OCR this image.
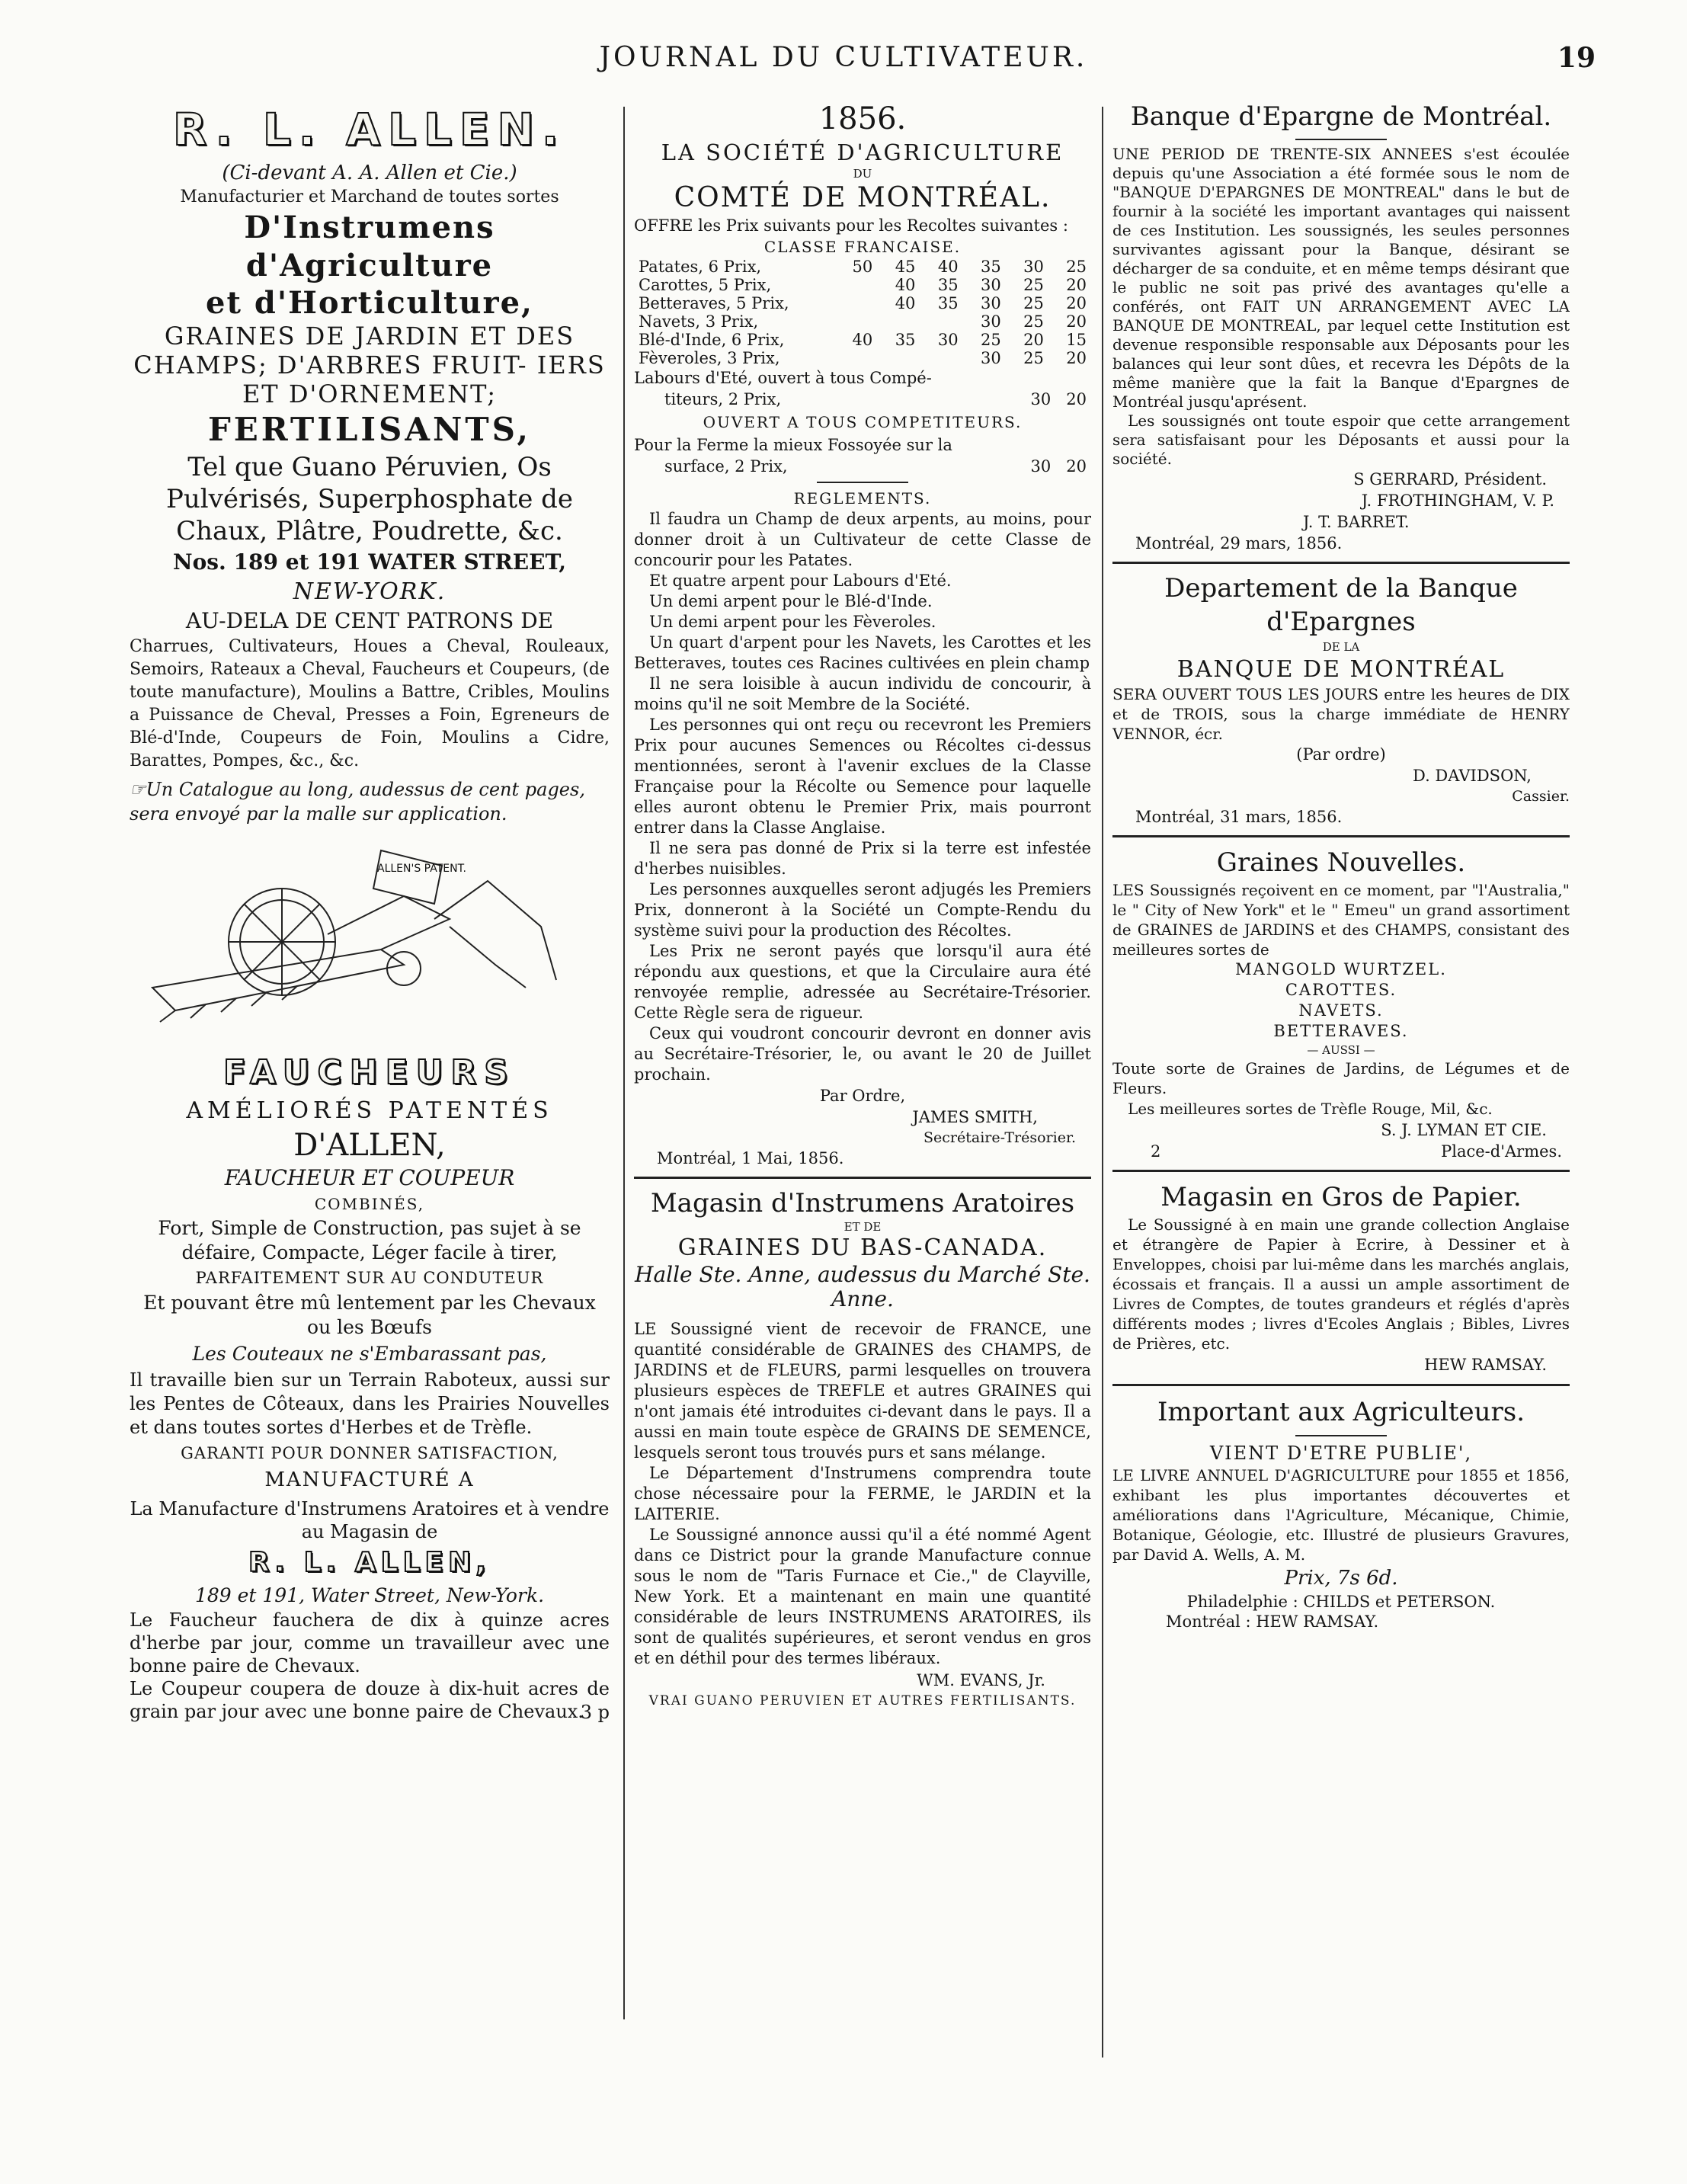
JOURNAL DU CULTIVATEUR.	19
R. L. ALLEN.
(Ci-devant A. A. Allen et Cie.)
Manufacturier et Marchand de toutes sortes
D'Instrumens d'Agriculture
et d'Horticulture,
GRAINES DE JARDIN ET DES CHAMPS; D'ARBRES FRUIT- IERS ET D'ORNEMENT;
FERTILISANTS,
Tel que Guano Péruvien, Os Pulvérisés, Superphosphate de Chaux, Plâtre, Poudrette, &c.
Nos. 189 et 191 WATER STREET,
NEW-YORK.
AU-DELA DE CENT PATRONS DE
Charrues, Cultivateurs, Houes a Cheval, Rouleaux, Semoirs, Rateaux a Cheval, Faucheurs et Coupeurs, (de toute manufacture), Moulins a Battre, Cribles, Moulins a Puissance de Cheval, Presses a Foin, Egreneurs de Blé-d'Inde, Coupeurs de Foin, Moulins a Cidre, Barattes, Pompes, &c., &c.
☞Un Catalogue au long, audessus de cent pages, sera envoyé par la malle sur application.
ALLEN'S PATENT.
FAUCHEURS
AMÉLIORÉS PATENTÉS
D'ALLEN,
FAUCHEUR ET COUPEUR
COMBINÉS,
Fort, Simple de Construction, pas sujet à se défaire, Compacte, Léger facile à tirer,
PARFAITEMENT SUR AU CONDUTEUR
Et pouvant être mû lentement par les Chevaux ou les Bœufs
Les Couteaux ne s'Embarassant pas,
Il travaille bien sur un Terrain Raboteux, aussi sur les Pentes de Côteaux, dans les Prairies Nouvelles et dans toutes sortes d'Herbes et de Trèfle.
GARANTI POUR DONNER SATISFACTION,
MANUFACTURÉ A
La Manufacture d'Instrumens Aratoires et à vendre au Magasin de
R. L. ALLEN,
189 et 191, Water Street, New-York.
Le Faucheur fauchera de dix à quinze acres d'herbe par jour, comme un travailleur avec une bonne paire de Chevaux.
Le Coupeur coupera de douze à dix-huit acres de grain par jour avec une bonne paire de Chevaux.
3 p
1856.
LA SOCIÉTÉ D'AGRICULTURE
DU
COMTÉ DE MONTRÉAL.
OFFRE les Prix suivants pour les Recoltes suivantes :
CLASSE FRANCAISE.
Patates, 6 Prix,		50	45	40	35	30	25
Carottes, 5 Prix,			40	35	30	25	20
Betteraves, 5 Prix,			40	35	30	25	20
Navets, 3 Prix,					30	25	20
Blé-d'Inde, 6 Prix,		40	35	30	25	20	15
Fèveroles, 3 Prix,					30	25	20
Labours d'Eté, ouvert à tous Compé-
titeurs, 2 Prix,	30   20
OUVERT A TOUS COMPETITEURS.
Pour la Ferme la mieux Fossoyée sur la
surface, 2 Prix,	30   20
REGLEMENTS.
Il faudra un Champ de deux arpents, au moins, pour donner droit à un Cultivateur de cette Classe de concourir pour les Patates.
Et quatre arpent pour Labours d'Eté.
Un demi arpent pour le Blé-d'Inde.
Un demi arpent pour les Fèveroles.
Un quart d'arpent pour les Navets, les Carottes et les Betteraves, toutes ces Racines cultivées en plein champ
Il ne sera loisible à aucun individu de concourir, à moins qu'il ne soit Membre de la Société.
Les personnes qui ont reçu ou recevront les Premiers Prix pour aucunes Semences ou Récoltes ci-dessus mentionnées, seront à l'avenir exclues de la Classe Française pour la Récolte ou Semence pour laquelle elles auront obtenu le Premier Prix, mais pourront entrer dans la Classe Anglaise.
Il ne sera pas donné de Prix si la terre est infestée d'herbes nuisibles.
Les personnes auxquelles seront adjugés les Premiers Prix, donneront à la Société un Compte-Rendu du système suivi pour la production des Récoltes.
Les Prix ne seront payés que lorsqu'il aura été répondu aux questions, et que la Circulaire aura été renvoyée remplie, adressée au Secrétaire-Trésorier. Cette Règle sera de rigueur.
Ceux qui voudront concourir devront en donner avis au Secrétaire-Trésorier, le, ou avant le 20 de Juillet prochain.
Par Ordre,
JAMES SMITH,
Secrétaire-Trésorier.
Montréal, 1 Mai, 1856.
Magasin d'Instrumens Aratoires
ET DE
GRAINES DU BAS-CANADA.
Halle Ste. Anne, audessus du Marché Ste. Anne.
LE Soussigné vient de recevoir de FRANCE, une quantité considérable de GRAINES des CHAMPS, de JARDINS et de FLEURS, parmi lesquelles on trouvera plusieurs espèces de TREFLE et autres GRAINES qui n'ont jamais été introduites ci-devant dans le pays. Il a aussi en main toute espèce de GRAINS DE SEMENCE, lesquels seront tous trouvés purs et sans mélange.
Le Département d'Instrumens comprendra toute chose nécessaire pour la FERME, le JARDIN et la LAITERIE.
Le Soussigné annonce aussi qu'il a été nommé Agent dans ce District pour la grande Manufacture connue sous le nom de "Taris Furnace et Cie.," de Clayville, New York. Et a maintenant en main une quantité considérable de leurs INSTRUMENS ARATOIRES, ils sont de qualités supérieures, et seront vendus en gros et en déthil pour des termes libéraux.
WM. EVANS, Jr.
VRAI GUANO PERUVIEN ET AUTRES FERTILISANTS.
Banque d'Epargne de Montréal.
UNE PERIOD DE TRENTE-SIX ANNEES s'est écoulée depuis qu'une Association a été formée sous le nom de "BANQUE D'EPARGNES DE MONTREAL" dans le but de fournir à la société les important avantages qui naissent de ces Institution. Les soussignés, les seules personnes survivantes agissant pour la Banque, désirant se décharger de sa conduite, et en même temps désirant que le public ne soit pas privé des avantages qu'elle a conférés, ont FAIT UN ARRANGEMENT AVEC LA BANQUE DE MONTREAL, par lequel cette Institution est devenue responsible responsable aux Déposants pour les balances qui leur sont dûes, et recevra les Dépôts de la même manière que la fait la Banque d'Epargnes de Montréal jusqu'aprésent.
Les soussignés ont toute espoir que cette arrangement sera satisfaisant pour les Déposants et aussi pour la société.
S GERRARD, Président.
J. FROTHINGHAM, V. P.
J. T. BARRET.
Montréal, 29 mars, 1856.
Departement de la Banque
d'Epargnes
DE LA
BANQUE DE MONTRÉAL
SERA OUVERT TOUS LES JOURS entre les heures de DIX et de TROIS, sous la charge immédiate de HENRY VENNOR, écr.
(Par ordre)
D. DAVIDSON,
Cassier.
Montréal, 31 mars, 1856.
Graines Nouvelles.
LES Soussignés reçoivent en ce moment, par "l'Australia," le " City of New York" et le " Emeu" un grand assortiment de GRAINES de JARDINS et des CHAMPS, consistant des meilleures sortes de
MANGOLD WURTZEL.
CAROTTES.
NAVETS.
BETTERAVES.
— AUSSI —
Toute sorte de Graines de Jardins, de Légumes et de Fleurs.
Les meilleures sortes de Trèfle Rouge, Mil, &c.
S. J. LYMAN ET CIE.
2	Place-d'Armes.
Magasin en Gros de Papier.
Le Soussigné à en main une grande collection Anglaise et étrangère de Papier à Ecrire, à Dessiner et à Enveloppes, choisi par lui-même dans les marchés anglais, écossais et français. Il a aussi un ample assortiment de Livres de Comptes, de toutes grandeurs et réglés d'après différents modes ; livres d'Ecoles Anglais ; Bibles, Livres de Prières, etc.
HEW RAMSAY.
Important aux Agriculteurs.
VIENT D'ETRE PUBLIE',
LE LIVRE ANNUEL D'AGRICULTURE pour 1855 et 1856, exhibant les plus importantes découvertes et améliorations dans l'Agriculture, Mécanique, Chimie, Botanique, Géologie, etc. Illustré de plusieurs Gravures, par David A. Wells, A. M.
Prix, 7s 6d.
Philadelphie : CHILDS et PETERSON.
Montréal : HEW RAMSAY.
